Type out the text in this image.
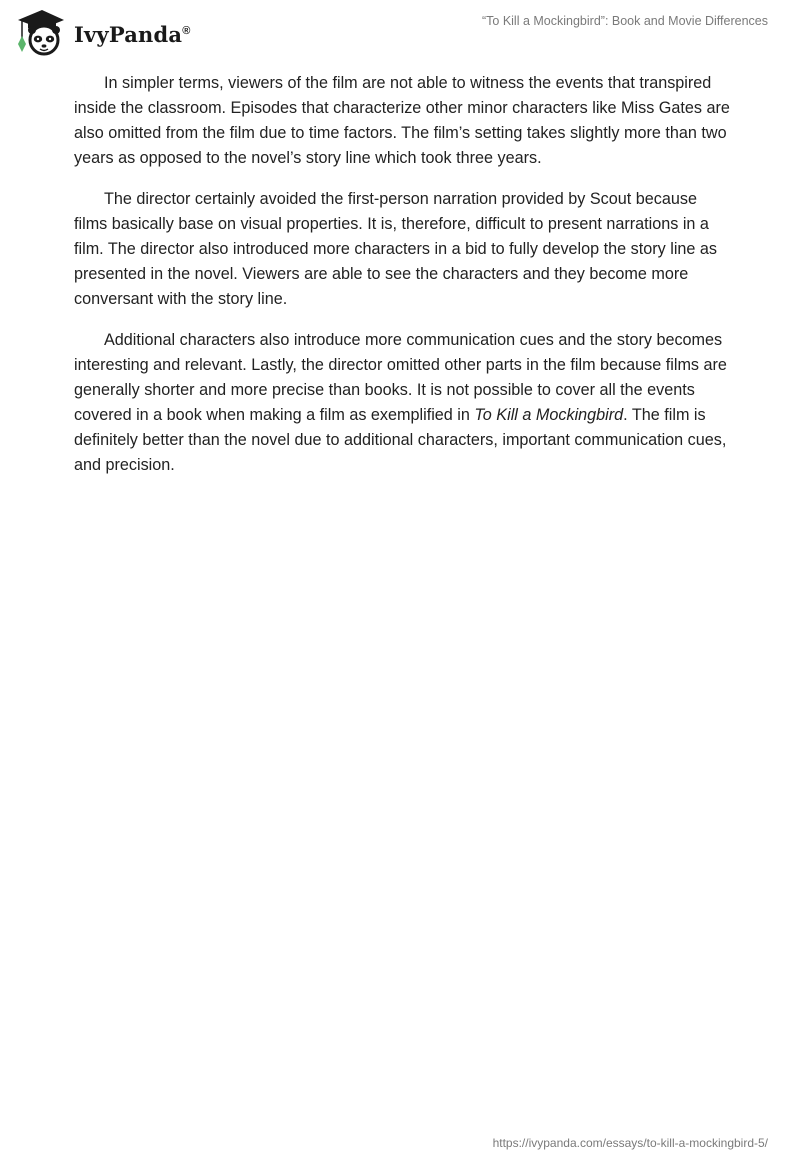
IvyPanda®
“To Kill a Mockingbird”: Book and Movie Differences

In simpler terms, viewers of the film are not able to witness the events that transpired inside the classroom. Episodes that characterize other minor characters like Miss Gates are also omitted from the film due to time factors. The film’s setting takes slightly more than two years as opposed to the novel’s story line which took three years.

The director certainly avoided the first-person narration provided by Scout because films basically base on visual properties. It is, therefore, difficult to present narrations in a film. The director also introduced more characters in a bid to fully develop the story line as presented in the novel. Viewers are able to see the characters and they become more conversant with the story line.

Additional characters also introduce more communication cues and the story becomes interesting and relevant. Lastly, the director omitted other parts in the film because films are generally shorter and more precise than books. It is not possible to cover all the events covered in a book when making a film as exemplified in To Kill a Mockingbird. The film is definitely better than the novel due to additional characters, important communication cues, and precision.

https://ivypanda.com/essays/to-kill-a-mockingbird-5/
